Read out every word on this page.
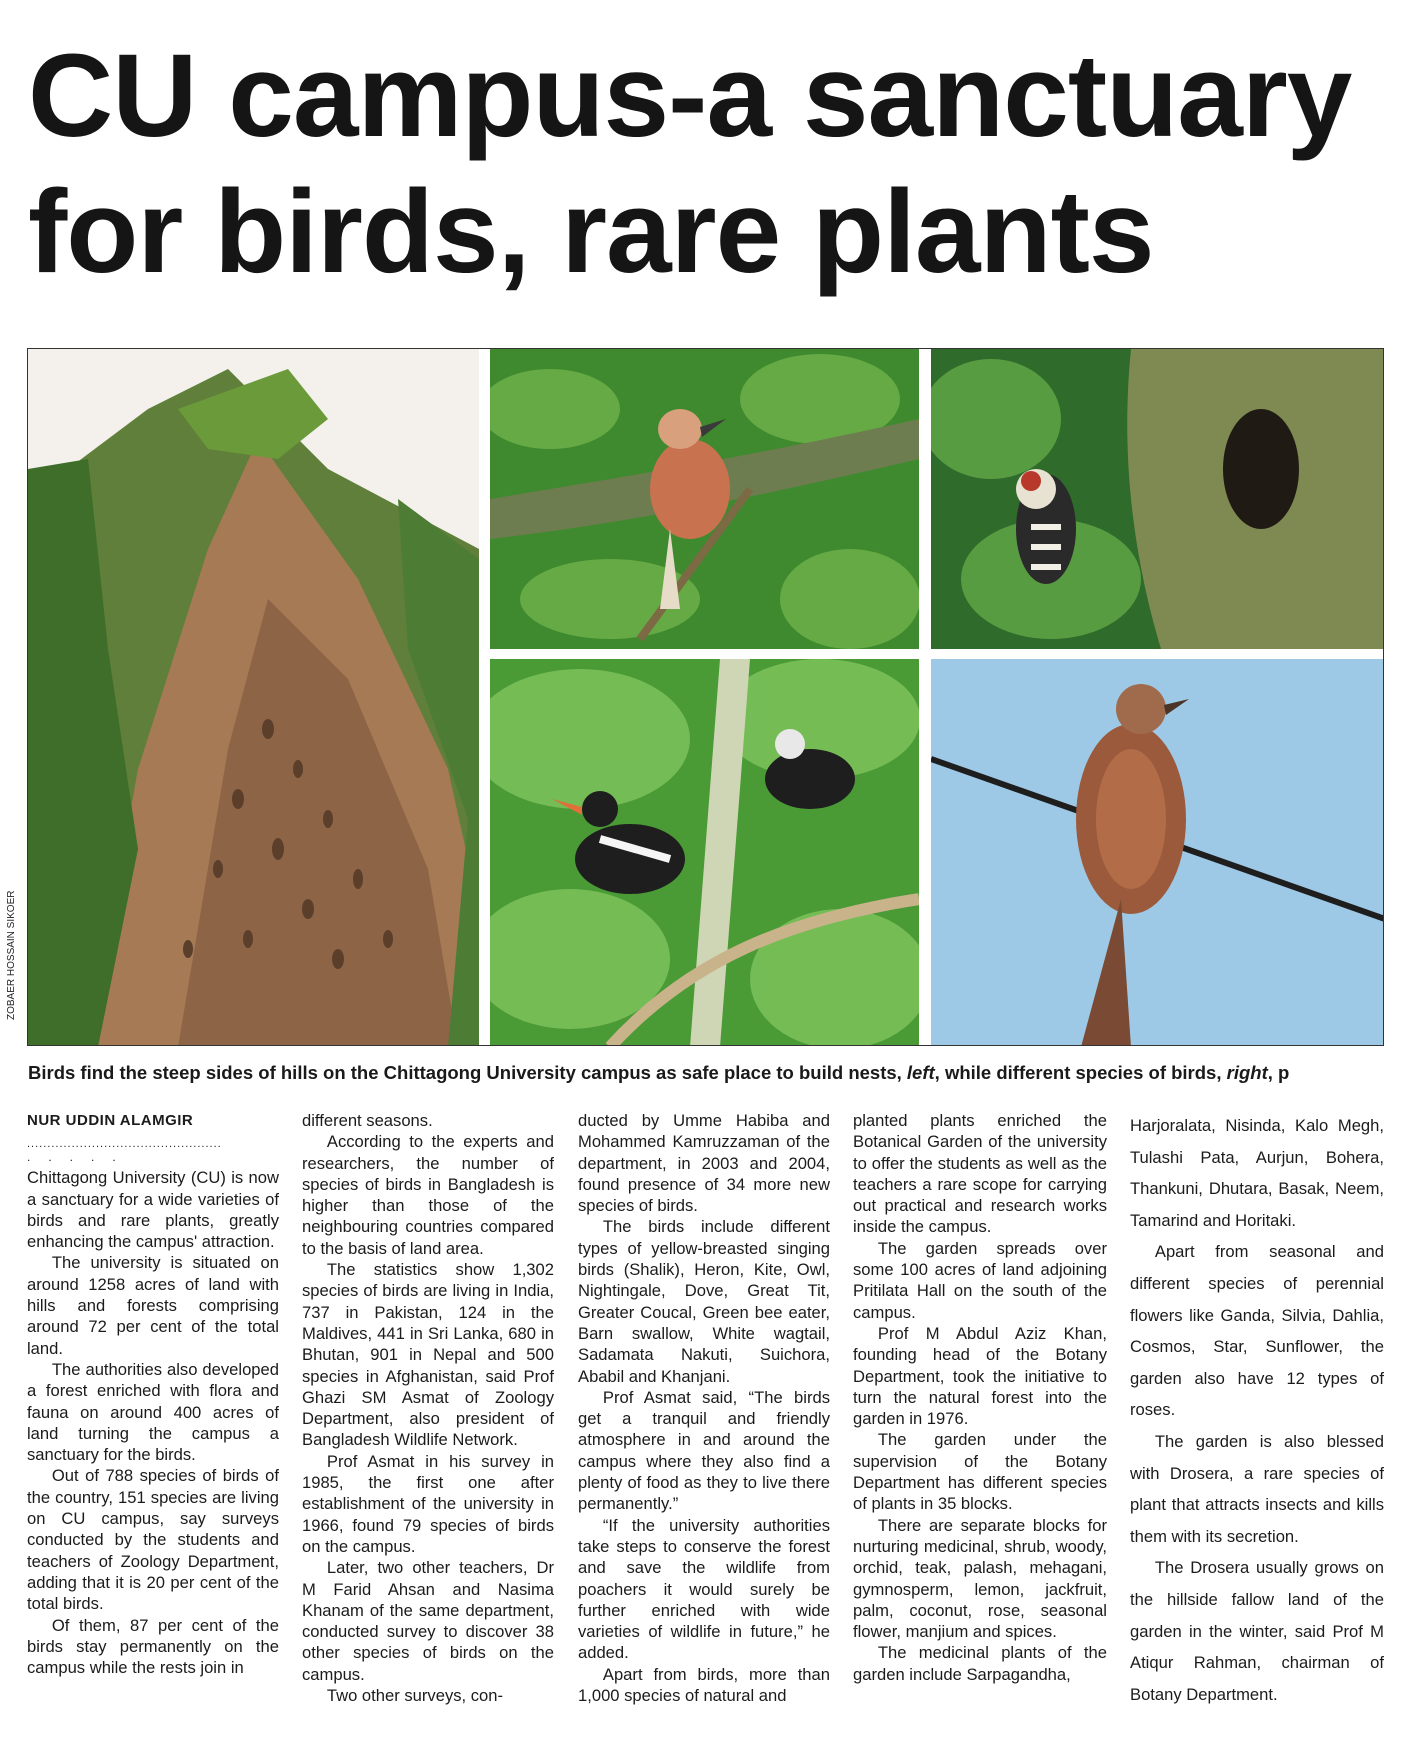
CU campus-a sanctuary
for birds, rare plants
ZOBAER HOSSAIN SIKOER
Birds find the steep sides of hills on the Chittagong University campus as safe place to build nests, left, while different species of birds, right, p

NUR UDDIN ALAMGIR

................................................

.....

Chittagong University (CU) is now a sanctuary for a wide varieties of birds and rare plants, greatly enhancing the campus' attraction.

The university is situated on around 1258 acres of land with hills and forests comprising around 72 per cent of the total land.

The authorities also developed a forest enriched with flora and fauna on around 400 acres of land turning the campus a sanctuary for the birds.

Out of 788 species of birds of the country, 151 species are living on CU campus, say surveys conducted by the students and teachers of Zoology Department, adding that it is 20 per cent of the total birds.

Of them, 87 per cent of the birds stay permanently on the campus while the rests join in

different seasons.

According to the experts and researchers, the number of species of birds in Bangladesh is higher than those of the neighbouring countries compared to the basis of land area.

The statistics show 1,302 species of birds are living in India, 737 in Pakistan, 124 in the Maldives, 441 in Sri Lanka, 680 in Bhutan, 901 in Nepal and 500 species in Afghanistan, said Prof Ghazi SM Asmat of Zoology Department, also president of Bangladesh Wildlife Network.

Prof Asmat in his survey in 1985, the first one after establishment of the university in 1966, found 79 species of birds on the campus.

Later, two other teachers, Dr M Farid Ahsan and Nasima Khanam of the same department, conducted survey to discover 38 other species of birds on the campus.

Two other surveys, con-

ducted by Umme Habiba and Mohammed Kamruzzaman of the department, in 2003 and 2004, found presence of 34 more new species of birds.

The birds include different types of yellow-breasted singing birds (Shalik), Heron, Kite, Owl, Nightingale, Dove, Great Tit, Greater Coucal, Green bee eater, Barn swallow, White wagtail, Sadamata Nakuti, Suichora, Ababil and Khanjani.

Prof Asmat said, “The birds get a tranquil and friendly atmosphere in and around the campus where they also find a plenty of food as they to live there permanently.”

“If the university authorities take steps to conserve the forest and save the wildlife from poachers it would surely be further enriched with wide varieties of wildlife in future,” he added.

Apart from birds, more than 1,000 species of natural and

planted plants enriched the Botanical Garden of the university to offer the students as well as the teachers a rare scope for carrying out practical and research works inside the campus.

The garden spreads over some 100 acres of land adjoining Pritilata Hall on the south of the campus.

Prof M Abdul Aziz Khan, founding head of the Botany Department, took the initiative to turn the natural forest into the garden in 1976.

The garden under the supervision of the Botany Department has different species of plants in 35 blocks.

There are separate blocks for nurturing medicinal, shrub, woody, orchid, teak, palash, mehagani, gymnosperm, lemon, jackfruit, palm, coconut, rose, seasonal flower, manjium and spices.

The medicinal plants of the garden include Sarpagandha,

Harjoralata, Nisinda, Kalo Megh, Tulashi Pata, Aurjun, Bohera, Thankuni, Dhutara, Basak, Neem, Tamarind and Horitaki.

Apart from seasonal and different species of perennial flowers like Ganda, Silvia, Dahlia, Cosmos, Star, Sunflower, the garden also have 12 types of roses.

The garden is also blessed with Drosera, a rare species of plant that attracts insects and kills them with its secretion.

The Drosera usually grows on the hillside fallow land of the garden in the winter, said Prof M Atiqur Rahman, chairman of Botany Department.
